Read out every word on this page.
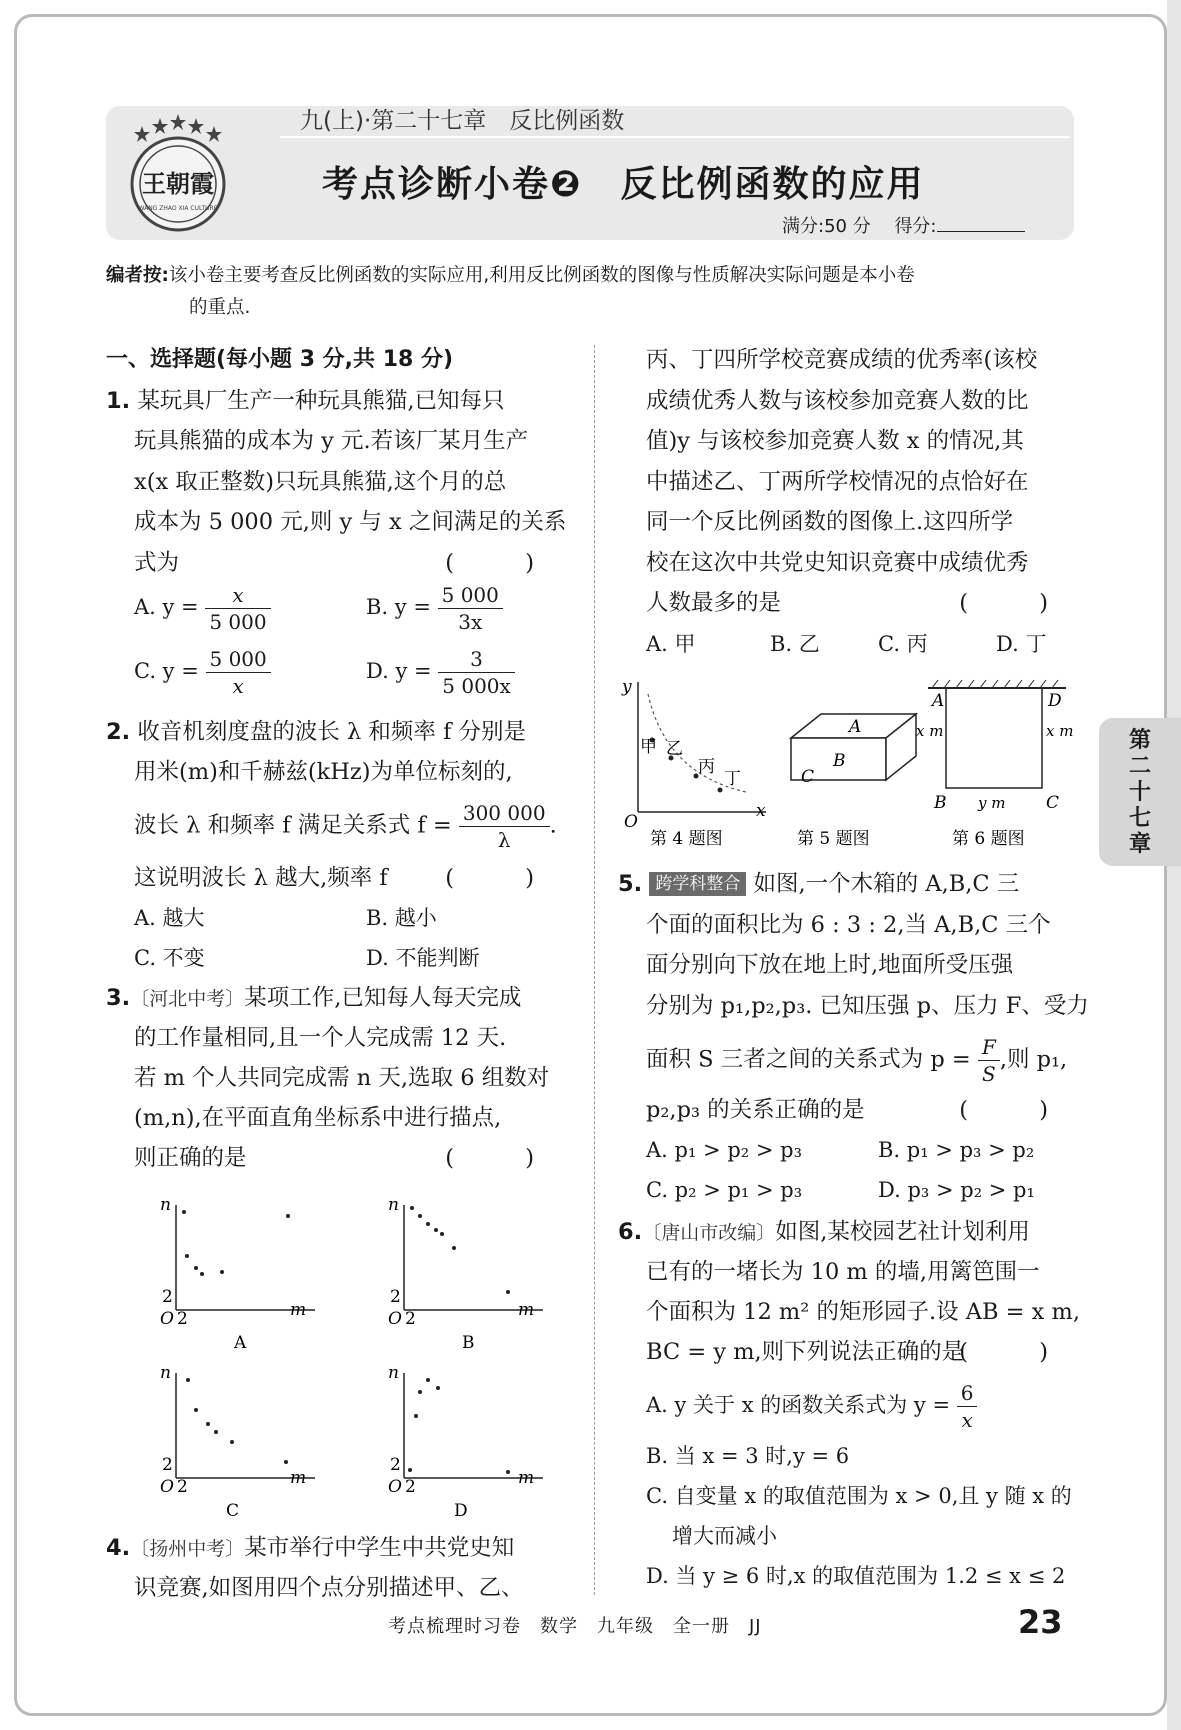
王朝霞
WANG ZHAO XIA CULTURE
九(上)·第二十七章　反比例函数
考点诊断小卷❷　反比例函数的应用
满分:50 分　 得分:
编者按:该小卷主要考查反比例函数的实际应用,利用反比例函数的图像与性质解决实际问题是本小卷
的重点.
一、选择题(每小题 3 分,共 18 分)
1. 某玩具厂生产一种玩具熊猫,已知每只
玩具熊猫的成本为 y 元.若该厂某月生产
x(x 取正整数)只玩具熊猫,这个月的总
成本为 5 000 元,则 y 与 x 之间满足的关系
式为	( )
A. $y = \frac{x}{5 000}$	B. $y = \frac{5 000}{3x}$
C. $y = \frac{5 000}{x}$	D. $y = \frac{3}{5 000x}$
2. 收音机刻度盘的波长 λ 和频率 f 分别是
用米(m)和千赫兹(kHz)为单位标刻的,
波长 λ 和频率 f 满足关系式 $f = \frac{300 000}{\lambda}$ .
这说明波长 λ 越大,频率 f	( )
A. 越大	B. 越小
C. 不变	D. 不能判断
3.〔河北中考〕某项工作,已知每人每天完成
的工作量相同,且一个人完成需 12 天.
若 m 个人共同完成需 n 天,选取 6 组数对
(m,n),在平面直角坐标系中进行描点,
则正确的是	( )
n
m
O 2
2
A
n
m
O 2
2
B
n
m
O 2
2
C
n
m
O 2
2
D
4.〔扬州中考〕某市举行中学生中共党史知
识竞赛,如图用四个点分别描述甲、乙、
丙、丁四所学校竞赛成绩的优秀率(该校
成绩优秀人数与该校参加竞赛人数的比
值)y 与该校参加竞赛人数 x 的情况,其
中描述乙、丁两所学校情况的点恰好在
同一个反比例函数的图像上.这四所学
校在这次中共党史知识竞赛中成绩优秀
人数最多的是	( )
A. 甲	B. 乙	C. 丙	D. 丁
y
x
O
甲 乙
丙
丁
第 4 题图
A
B
C
第 5 题图
A	D
B	C
x m	x m
y m
第 6 题图
5. 跨学科整合 如图,一个木箱的 A,B,C 三
个面的面积比为 6 : 3 : 2,当 A,B,C 三个
面分别向下放在地上时,地面所受压强
分别为 p₁,p₂,p₃. 已知压强 p、压力 F、受力
面积 S 三者之间的关系式为 $p = \frac{F}{S}$ ,则 p₁,
p₂,p₃ 的关系正确的是	( )
A. p₁ > p₂ > p₃	B. p₁ > p₃ > p₂
C. p₂ > p₁ > p₃	D. p₃ > p₂ > p₁
6.〔唐山市改编〕如图,某校园艺社计划利用
已有的一堵长为 10 m 的墙,用篱笆围一
个面积为 12 m² 的矩形园子.设 AB = x m,
BC = y m,则下列说法正确的是
( )
A. y 关于 x 的函数关系式为 $y = \frac{6}{x}$
B. 当 x = 3 时,y = 6
C. 自变量 x 的取值范围为 x > 0,且 y 随 x 的
增大而减小
D. 当 y ≥ 6 时,x 的取值范围为 1.2 ≤ x ≤ 2
第二十七章
考点梳理时习卷　数学　九年级　全一册　JJ	23
